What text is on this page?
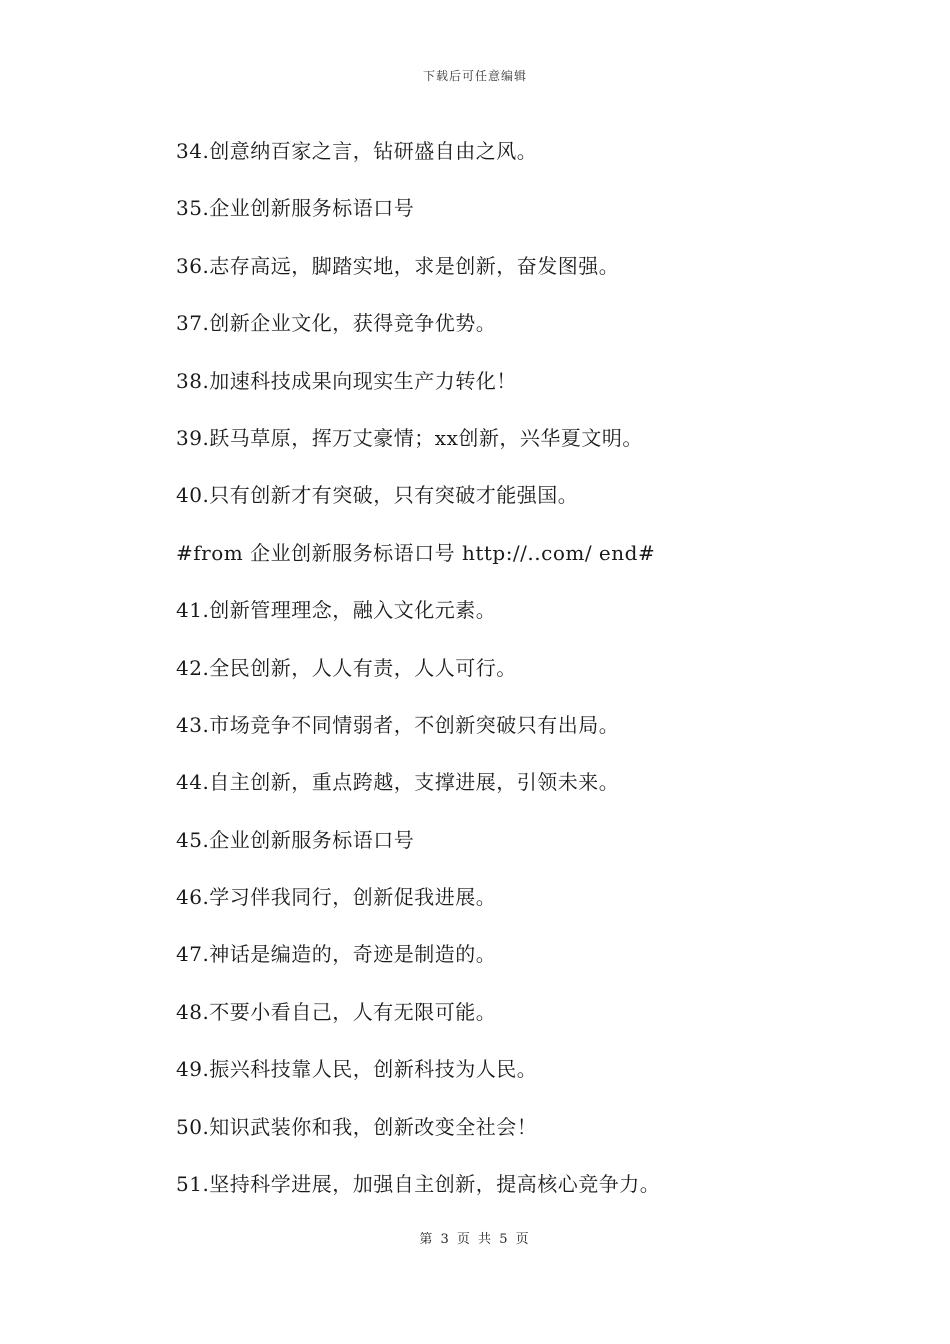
下载后可任意编辑
34.创意纳百家之言，钻研盛自由之风。
35.企业创新服务标语口号
36.志存高远，脚踏实地，求是创新，奋发图强。
37.创新企业文化，获得竞争优势。
38.加速科技成果向现实生产力转化！
39.跃马草原，挥万丈豪情；xx创新，兴华夏文明。
40.只有创新才有突破，只有突破才能强国。
#from 企业创新服务标语口号 http://..com/ end#
41.创新管理理念，融入文化元素。
42.全民创新，人人有责，人人可行。
43.市场竞争不同情弱者，不创新突破只有出局。
44.自主创新，重点跨越，支撑进展，引领未来。
45.企业创新服务标语口号
46.学习伴我同行，创新促我进展。
47.神话是编造的，奇迹是制造的。
48.不要小看自己，人有无限可能。
49.振兴科技靠人民，创新科技为人民。
50.知识武装你和我，创新改变全社会！
51.坚持科学进展，加强自主创新，提高核心竞争力。
第 3 页 共 5 页
